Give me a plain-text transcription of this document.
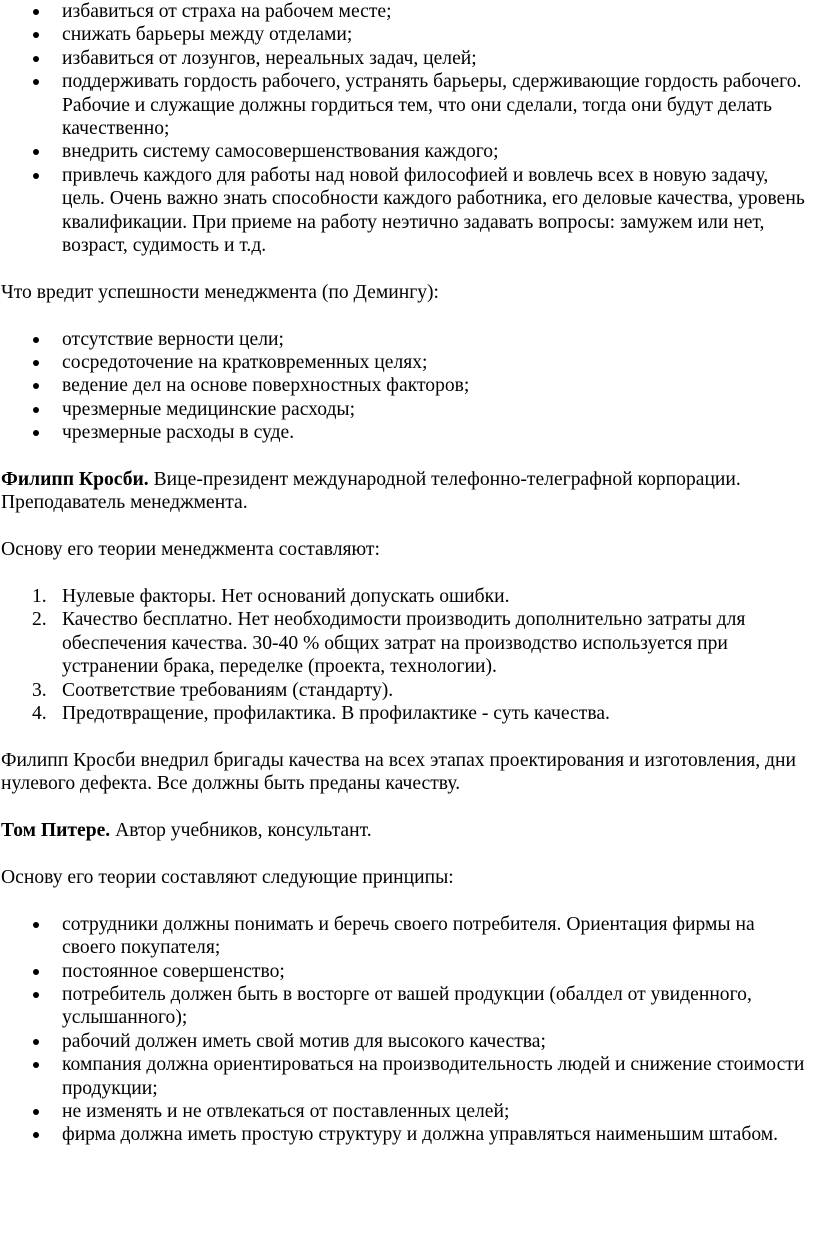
избавиться от страха на рабочем месте;
снижать барьеры между отделами;
избавиться от лозунгов, нереальных задач, целей;
поддерживать гордость рабочего, устранять барьеры, сдерживающие гордость рабочего. Рабочие и служащие должны гордиться тем, что они сделали, тогда они будут делать качественно;
внедрить систему самосовершенствования каждого;
привлечь каждого для работы над новой философией и вовлечь всех в новую задачу, цель. Очень важно знать способности каждого работника, его деловые качества, уровень квалификации. При приеме на работу неэтично задавать вопросы: замужем или нет, возраст, судимость и т.д.

Что вредит успешности менеджмента (по Демингу):

отсутствие верности цели;
сосредоточение на кратковременных целях;
ведение дел на основе поверхностных факторов;
чрезмерные медицинские расходы;
чрезмерные расходы в суде.

Филипп Кросби. Вице-президент международной телефонно-телеграфной корпорации. Преподаватель менеджмента.

Основу его теории менеджмента составляют:

1. Нулевые факторы. Нет оснований допускать ошибки.
2. Качество бесплатно. Нет необходимости производить дополнительно затраты для обеспечения качества. 30-40 % общих затрат на производство используется при устранении брака, переделке (проекта, технологии).
3. Соответствие требованиям (стандарту).
4. Предотвращение, профилактика. В профилактике - суть качества.

Филипп Кросби внедрил бригады качества на всех этапах проектирования и изготовления, дни нулевого дефекта. Все должны быть преданы качеству.

Том Питере. Автор учебников, консультант.

Основу его теории составляют следующие принципы:

сотрудники должны понимать и беречь своего потребителя. Ориентация фирмы на своего покупателя;
постоянное совершенство;
потребитель должен быть в восторге от вашей продукции (обалдел от увиденного, услышанного);
рабочий должен иметь свой мотив для высокого качества;
компания должна ориентироваться на производительность людей и снижение стоимости продукции;
не изменять и не отвлекаться от поставленных целей;
фирма должна иметь простую структуру и должна управляться наименьшим штабом.
